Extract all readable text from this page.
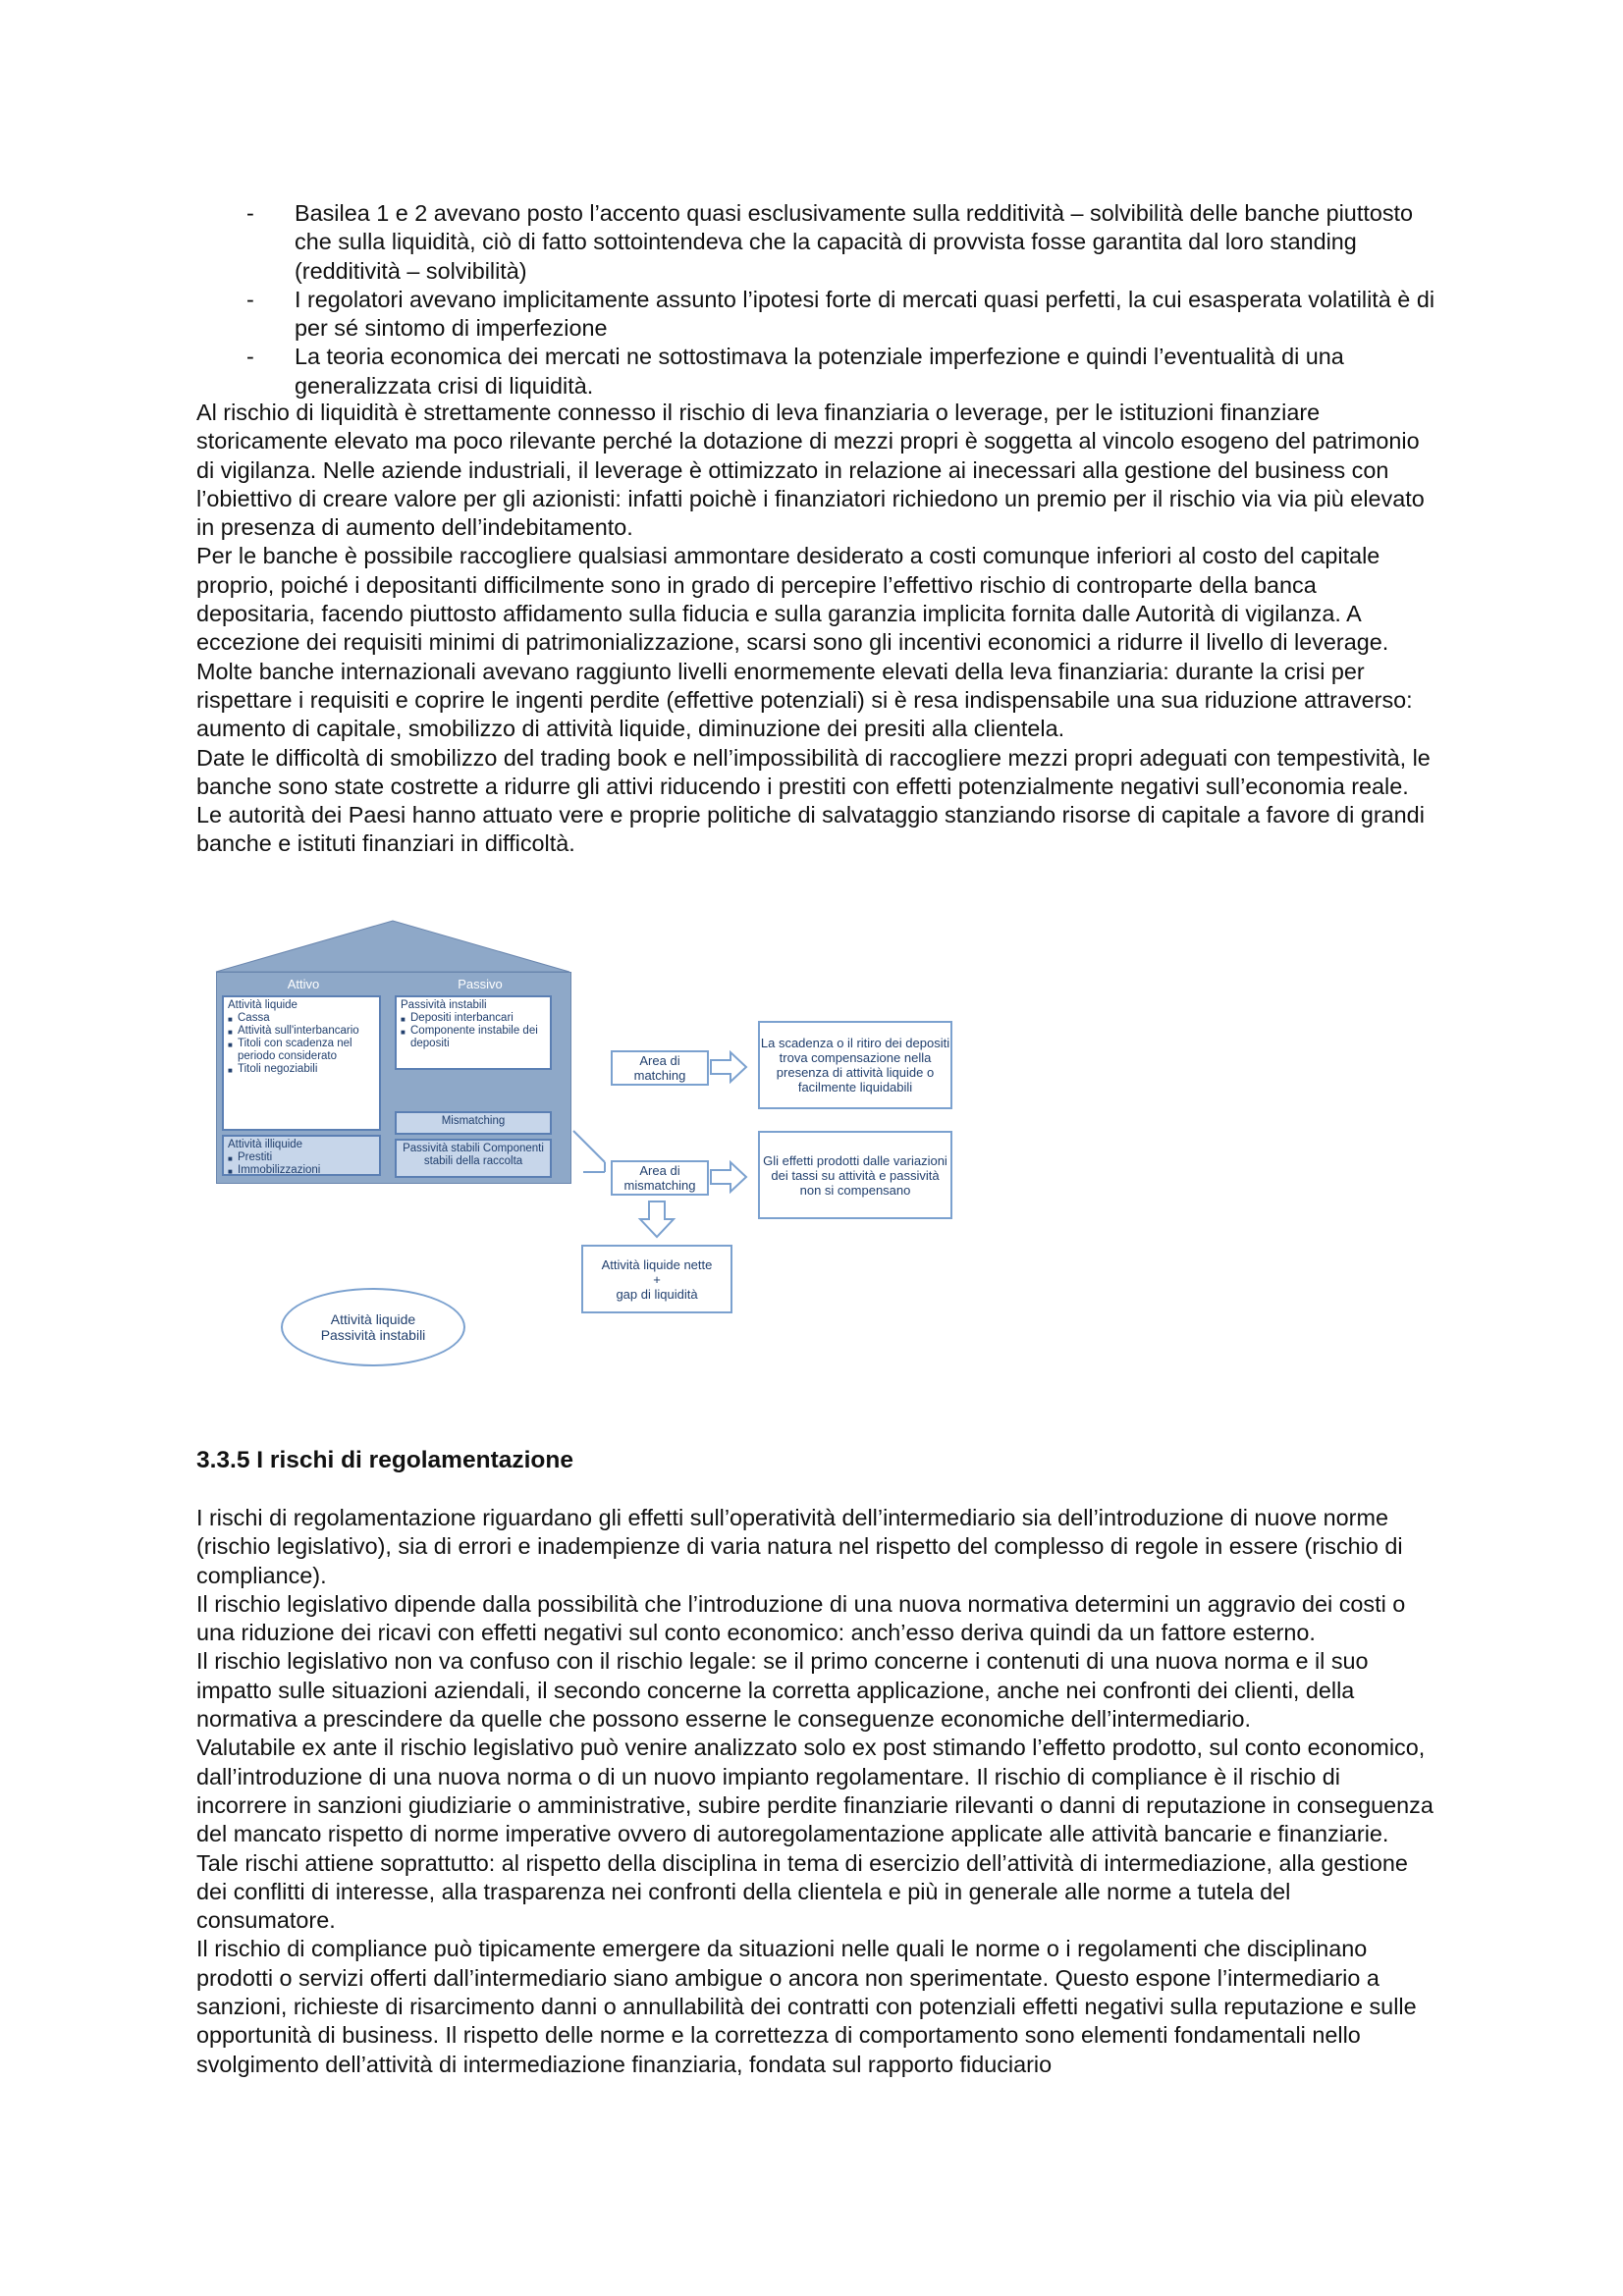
- Basilea 1 e 2 avevano posto l’accento quasi esclusivamente sulla redditività – solvibilità delle banche piuttosto che sulla liquidità, ciò di fatto sottointendeva che la capacità di provvista fosse garantita dal loro standing (redditività – solvibilità)
- I regolatori avevano implicitamente assunto l’ipotesi forte di mercati quasi perfetti, la cui esasperata volatilità è di per sé sintomo di imperfezione
- La teoria economica dei mercati ne sottostimava la potenziale imperfezione e quindi l’eventualità di una generalizzata crisi di liquidità.

Al rischio di liquidità è strettamente connesso il rischio di leva finanziaria o leverage, per le istituzioni finanziare storicamente elevato ma poco rilevante perché la dotazione di mezzi propri è soggetta al vincolo esogeno del patrimonio di vigilanza. Nelle aziende industriali, il leverage è ottimizzato in relazione ai inecessari alla gestione del business con l’obiettivo di creare valore per gli azionisti: infatti poichè i finanziatori richiedono un premio per il rischio via via più elevato in presenza di aumento dell’indebitamento.

Per le banche è possibile raccogliere qualsiasi ammontare desiderato a costi comunque inferiori al costo del capitale proprio, poiché i depositanti difficilmente sono in grado di percepire l’effettivo rischio di controparte della banca depositaria, facendo piuttosto affidamento sulla fiducia e sulla garanzia implicita fornita dalle Autorità di vigilanza. A eccezione dei requisiti minimi di patrimonializzazione, scarsi sono gli incentivi economici a ridurre il livello di leverage.

Molte banche internazionali avevano raggiunto livelli enormemente elevati della leva finanziaria: durante la crisi per rispettare i requisiti e coprire le ingenti perdite (effettive potenziali) si è resa indispensabile una sua riduzione attraverso: aumento di capitale, smobilizzo di attività liquide, diminuzione dei presiti alla clientela.

Date le difficoltà di smobilizzo del trading book e nell’impossibilità di raccogliere mezzi propri adeguati con tempestività, le banche sono state costrette a ridurre gli attivi riducendo i prestiti con effetti potenzialmente negativi sull’economia reale.

Le autorità dei Paesi hanno attuato vere e proprie politiche di salvataggio stanziando risorse di capitale a favore di grandi banche e istituti finanziari in difficoltà.

Attivo	Passivo
Attività liquide
■ Cassa
■ Attività sull'interbancario
■ Titoli con scadenza nel periodo considerato
■ Titoli negoziabili
Attività illiquide
■ Prestiti
■ Immobilizzazioni
Passività instabili
■ Depositi interbancari
■ Componente instabile dei depositi
Mismatching
Passività stabili Componenti stabili della raccolta
Area di matching
Area di mismatching
La scadenza o il ritiro dei depositi trova compensazione nella presenza di attività liquide o facilmente liquidabili
Gli effetti prodotti dalle variazioni dei tassi su attività e passività non si compensano
Attività liquide nette
+
gap di liquidità
Attività liquide
Passività instabili
3.3.5 I rischi di regolamentazione

I rischi di regolamentazione riguardano gli effetti sull’operatività dell’intermediario sia dell’introduzione di nuove norme (rischio legislativo), sia di errori e inadempienze di varia natura nel rispetto del complesso di regole in essere (rischio di compliance).

Il rischio legislativo dipende dalla possibilità che l’introduzione di una nuova normativa determini un aggravio dei costi o una riduzione dei ricavi con effetti negativi sul conto economico: anch’esso deriva quindi da un fattore esterno.

Il rischio legislativo non va confuso con il rischio legale: se il primo concerne i contenuti di una nuova norma e il suo impatto sulle situazioni aziendali, il secondo concerne la corretta applicazione, anche nei confronti dei clienti, della normativa a prescindere da quelle che possono esserne le conseguenze economiche dell’intermediario.

Valutabile ex ante il rischio legislativo può venire analizzato solo ex post stimando l’effetto prodotto, sul conto economico, dall’introduzione di una nuova norma o di un nuovo impianto regolamentare. Il rischio di compliance è il rischio di incorrere in sanzioni giudiziarie o amministrative, subire perdite finanziarie rilevanti o danni di reputazione in conseguenza del mancato rispetto di norme imperative ovvero di autoregolamentazione applicate alle attività bancarie e finanziarie. Tale rischi attiene soprattutto: al rispetto della disciplina in tema di esercizio dell’attività di intermediazione, alla gestione dei conflitti di interesse, alla trasparenza nei confronti della clientela e più in generale alle norme a tutela del consumatore.

Il rischio di compliance può tipicamente emergere da situazioni nelle quali le norme o i regolamenti che disciplinano prodotti o servizi offerti dall’intermediario siano ambigue o ancora non sperimentate. Questo espone l’intermediario a sanzioni, richieste di risarcimento danni o annullabilità dei contratti con potenziali effetti negativi sulla reputazione e sulle opportunità di business. Il rispetto delle norme e la correttezza di comportamento sono elementi fondamentali nello svolgimento dell’attività di intermediazione finanziaria, fondata sul rapporto fiduciario
